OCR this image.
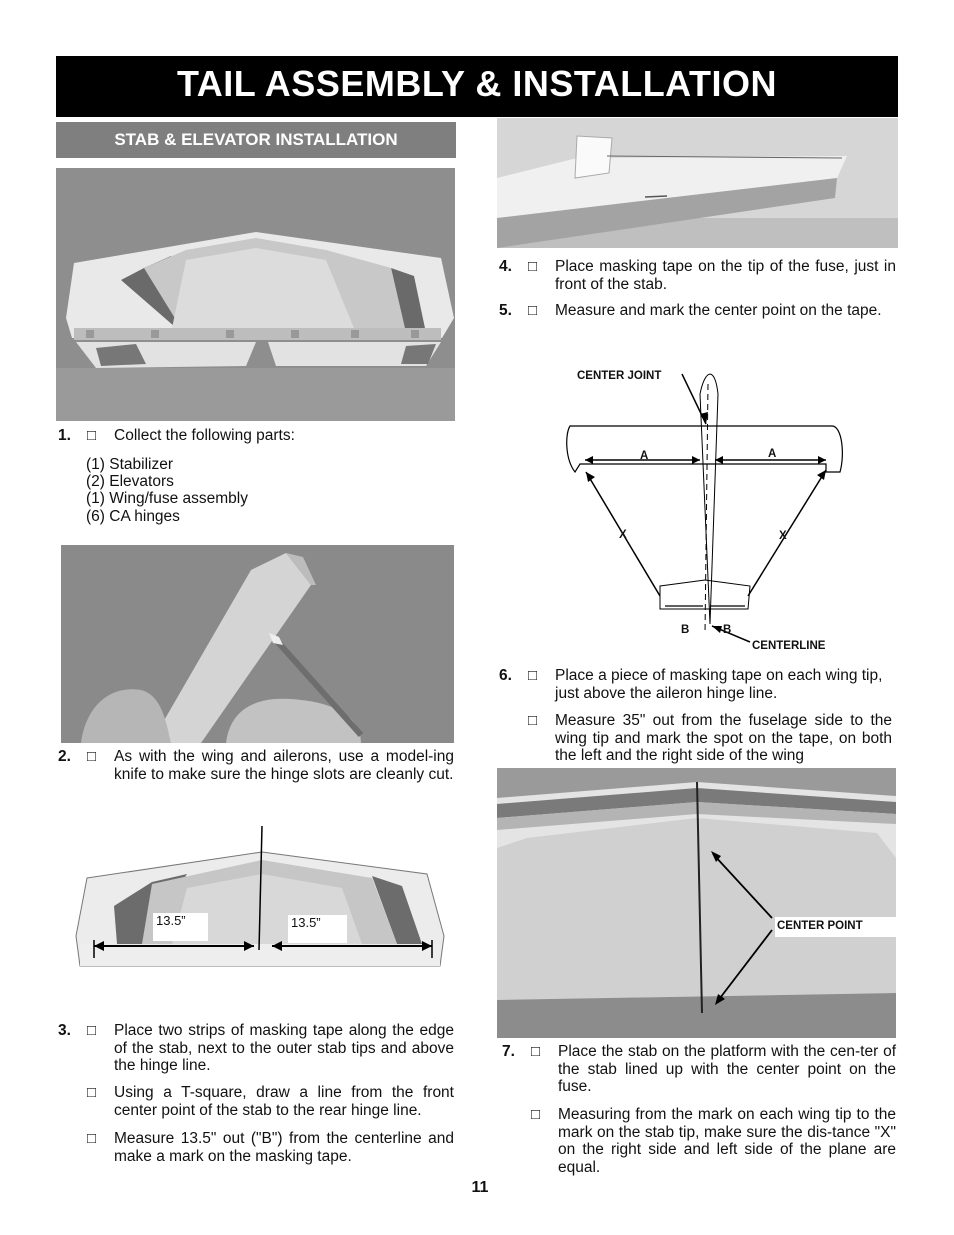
TAIL ASSEMBLY & INSTALLATION
STAB & ELEVATOR INSTALLATION
1. □ Collect the following parts:
(1) Stabilizer
(2) Elevators
(1) Wing/fuse assembly
(6) CA hinges
2. □ As with the wing and ailerons, use a model-ing knife to make sure the hinge slots are cleanly cut.
13.5”	13.5”
3. □ Place two strips of masking tape along the edge of the stab, next to the outer stab tips and above the hinge line.
□ Using a T-square, draw a line from the front center point of the stab to the rear hinge line.
□ Measure 13.5" out ("B") from the centerline and make a mark on the masking tape.
4. □ Place masking tape on the tip of the fuse, just in front of the stab.
5. □ Measure and mark the center point on the tape.
CENTER JOINT
A	A
X	X
B	B
CENTERLINE
6. □ Place a piece of masking tape on each wing tip, just above the aileron hinge line.
□ Measure 35" out from the fuselage side to the wing tip and mark the spot on the tape, on both the left and the right side of the wing
CENTER POINT
7. □ Place the stab on the platform with the cen-ter of the stab lined up with the center point on the fuse.
□ Measuring from the mark on each wing tip to the mark on the stab tip, make sure the dis-tance "X" on the right side and left side of the plane are equal.
11
